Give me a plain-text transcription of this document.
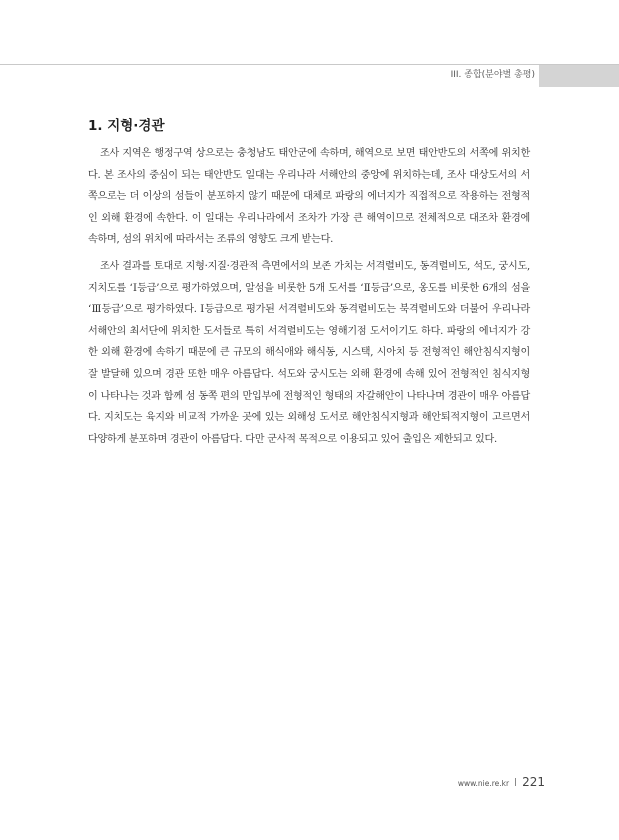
III. 종합(분야별 총평)
1. 지형·경관

조사 지역은 행정구역 상으로는 충청남도 태안군에 속하며, 해역으로 보면 태안반도의 서쪽에 위치한다. 본 조사의 중심이 되는 태안반도 일대는 우리나라 서해안의 중앙에 위치하는데, 조사 대상도서의 서쪽으로는 더 이상의 섬들이 분포하지 않기 때문에 대체로 파랑의 에너지가 직접적으로 작용하는 전형적인 외해 환경에 속한다. 이 일대는 우리나라에서 조차가 가장 큰 해역이므로 전체적으로 대조차 환경에 속하며, 섬의 위치에 따라서는 조류의 영향도 크게 받는다.

조사 결과를 토대로 지형·지질·경관적 측면에서의 보존 가치는 서격렬비도, 동격렬비도, 석도, 궁시도, 지치도를 ‘Ⅰ등급’으로 평가하였으며, 알섬을 비롯한 5개 도서를 ‘Ⅱ등급’으로, 옹도를 비롯한 6개의 섬을 ‘Ⅲ등급’으로 평가하였다. Ⅰ등급으로 평가된 서격렬비도와 동격렬비도는 북격렬비도와 더불어 우리나라 서해안의 최서단에 위치한 도서들로 특히 서격렬비도는 영해기점 도서이기도 하다. 파랑의 에너지가 강한 외해 환경에 속하기 때문에 큰 규모의 해식애와 해식동, 시스택, 시아치 등 전형적인 해안침식지형이 잘 발달해 있으며 경관 또한 매우 아름답다. 석도와 궁시도는 외해 환경에 속해 있어 전형적인 침식지형이 나타나는 것과 함께 섬 동쪽 편의 만입부에 전형적인 형태의 자갈해안이 나타나며 경관이 매우 아름답다. 지치도는 육지와 비교적 가까운 곳에 있는 외해성 도서로 해안침식지형과 해안퇴적지형이 고르면서 다양하게 분포하며 경관이 아름답다. 다만 군사적 목적으로 이용되고 있어 출입은 제한되고 있다.

www.nie.re.kr 221
